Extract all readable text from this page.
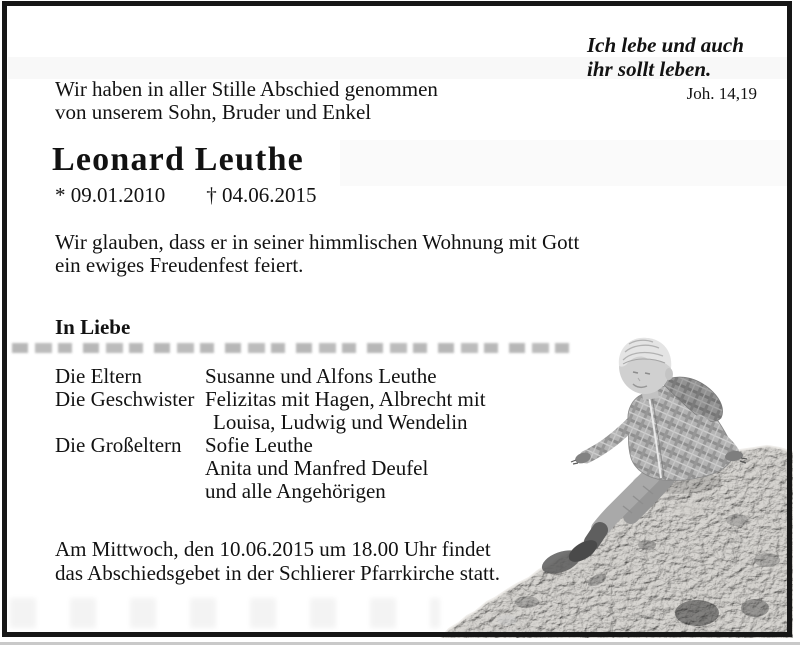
Ich lebe und auch
ihr sollt leben.
Joh. 14,19
Wir haben in aller Stille Abschied genommen
von unserem Sohn, Bruder und Enkel
Leonard Leuthe
* 09.01.2010 † 04.06.2015
Wir glauben, dass er in seiner himmlischen Wohnung mit Gott
ein ewiges Freudenfest feiert.
In Liebe
Die Eltern	Susanne und Alfons Leuthe
Die Geschwister Felizitas mit Hagen, Albrecht mit
Louisa, Ludwig und Wendelin
Die Großeltern	Sofie Leuthe
Anita und Manfred Deufel
und alle Angehörigen
Am Mittwoch, den 10.06.2015 um 18.00 Uhr findet
das Abschiedsgebet in der Schlierer Pfarrkirche statt.
